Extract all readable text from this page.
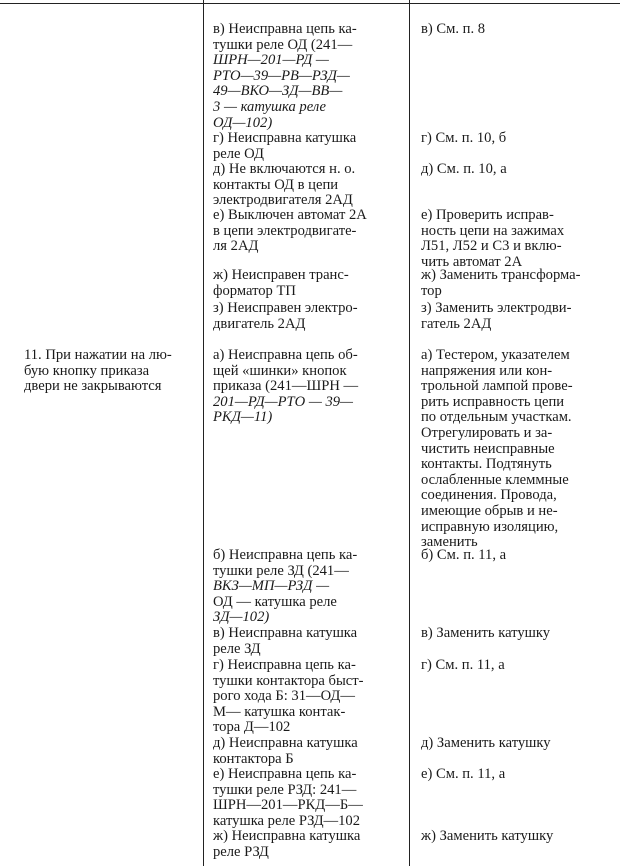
11. При нажатии на лю-
бую кнопку приказа
двери не закрываются
в) Неисправна цепь ка-
тушки реле ОД (241—
ШРН—201—РД —
РТО—39—РВ—РЗД—
49—ВКО—ЗД—ВВ—
3 — катушка реле
ОД—102)
г) Неисправна катушка
реле ОД
д) Не включаются н. о.
контакты ОД в цепи
электродвигателя 2АД
е) Выключен автомат 2А
в цепи электродвигате-
ля 2АД
ж) Неисправен транс-
форматор ТП
з) Неисправен электро-
двигатель 2АД
а) Неисправна цепь об-
щей «шинки» кнопок
приказа (241—ШРН —
201—РД—РТО — 39—
РКД—11)
б) Неисправна цепь ка-
тушки реле ЗД (241—
ВКЗ—МП—РЗД —
ОД — катушка реле
ЗД—102)
в) Неисправна катушка
реле ЗД
г) Неисправна цепь ка-
тушки контактора быст-
рого хода Б: 31—ОД—
М— катушка контак-
тора Д—102
д) Неисправна катушка
контактора Б
е) Неисправна цепь ка-
тушки реле РЗД: 241—
ШРН—201—РКД—Б—
катушка реле РЗД—102
ж) Неисправна катушка
реле РЗД
в) См. п. 8
г) См. п. 10, б
д) См. п. 10, а
е) Проверить исправ-
ность цепи на зажимах
Л51, Л52 и С3 и вклю-
чить автомат 2А
ж) Заменить трансформа-
тор
з) Заменить электродви-
гатель 2АД
а) Тестером, указателем
напряжения или кон-
трольной лампой прове-
рить исправность цепи
по отдельным участкам.
Отрегулировать и за-
чистить неисправные
контакты. Подтянуть
ослабленные клеммные
соединения. Провода,
имеющие обрыв и не-
исправную изоляцию,
заменить
б) См. п. 11, а
в) Заменить катушку
г) См. п. 11, а
д) Заменить катушку
е) См. п. 11, а
ж) Заменить катушку
